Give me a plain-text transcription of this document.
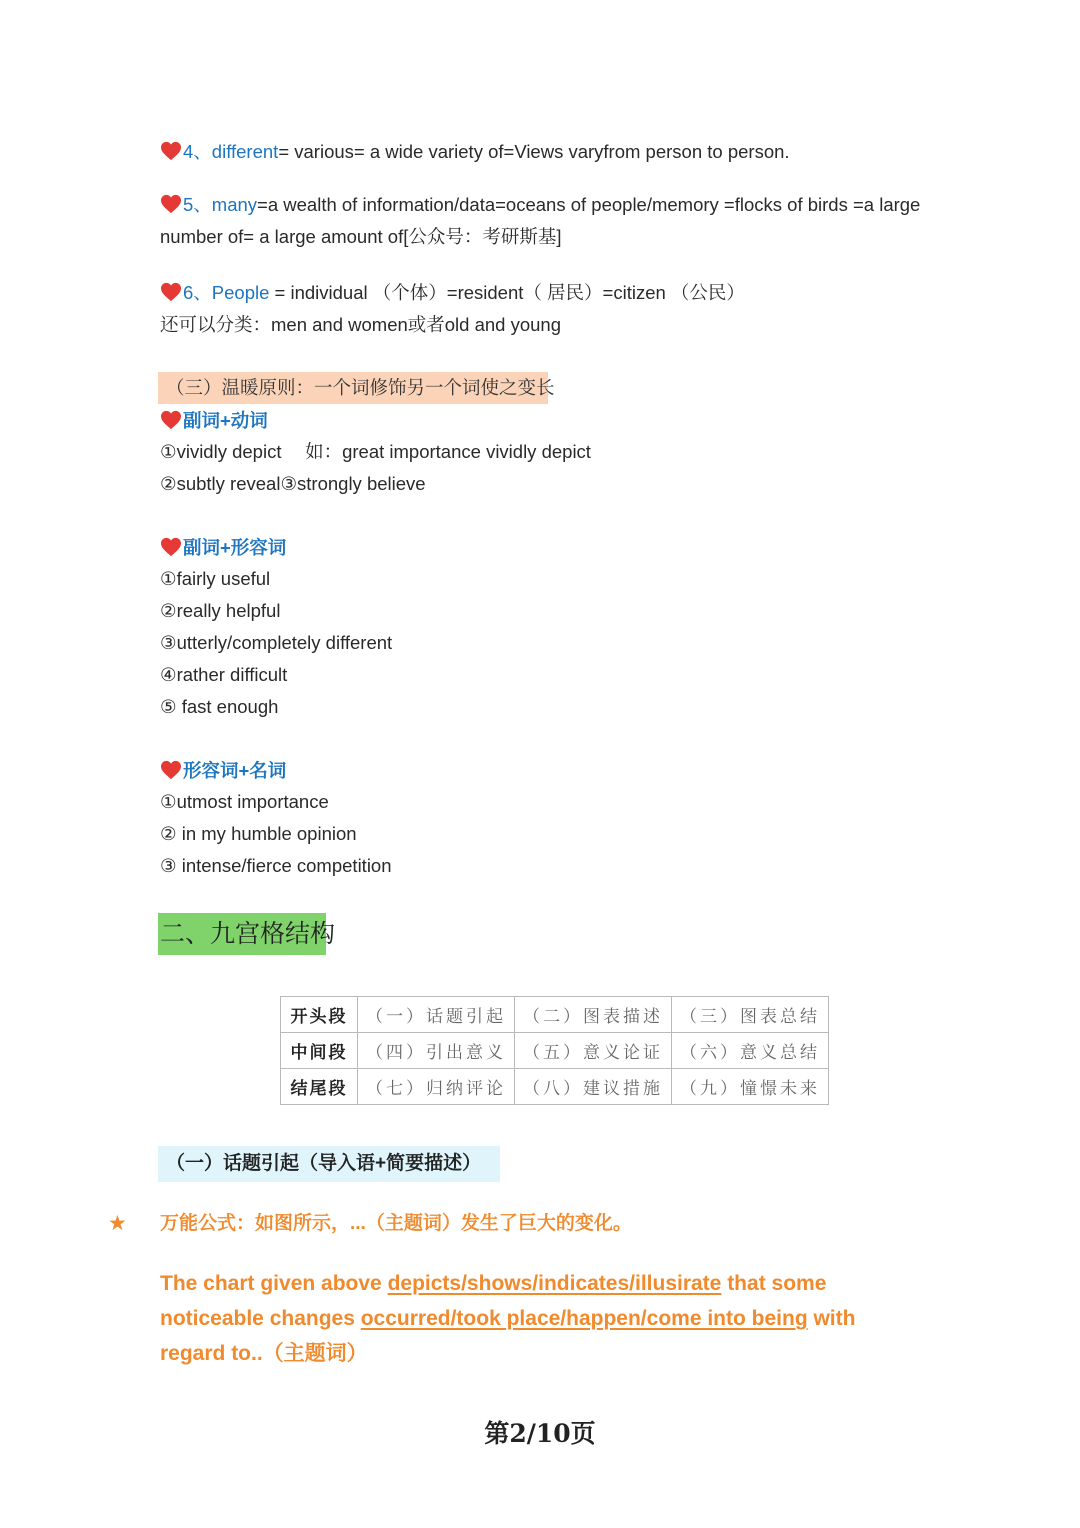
4、different= various= a wide variety of=Views varyfrom person to person.
5、many=a wealth of information/data=oceans of people/memory =flocks of birds =a large
number of= a large amount of[公众号：考研斯基]
6、People = individual （个体）=resident（ 居民）=citizen （公民）
还可以分类：men and women或者old and young
（三）温暖原则：一个词修饰另一个词使之变长
副词+动词
①vividly depict　 如：great importance vividly depict
②subtly reveal③strongly believe
副词+形容词
①fairly useful
②really helpful
③utterly/completely different
④rather difficult
⑤ fast enough
形容词+名词
①utmost importance
② in my humble opinion
③ intense/fierce competition
二、九宫格结构
开头段	（一）话题引起	（二）图表描述	（三）图表总结
中间段	（四）引出意义	（五）意义论证	（六）意义总结
结尾段	（七）归纳评论	（八）建议措施	（九）憧憬未来
（一）话题引起（导入语+简要描述）
★ 万能公式：如图所示，...（主题词）发生了巨大的变化。
The chart given above depicts/shows/indicates/illusirate that some
noticeable changes occurred/took place/happen/come into being with
regard to..（主题词）
第2/10页
